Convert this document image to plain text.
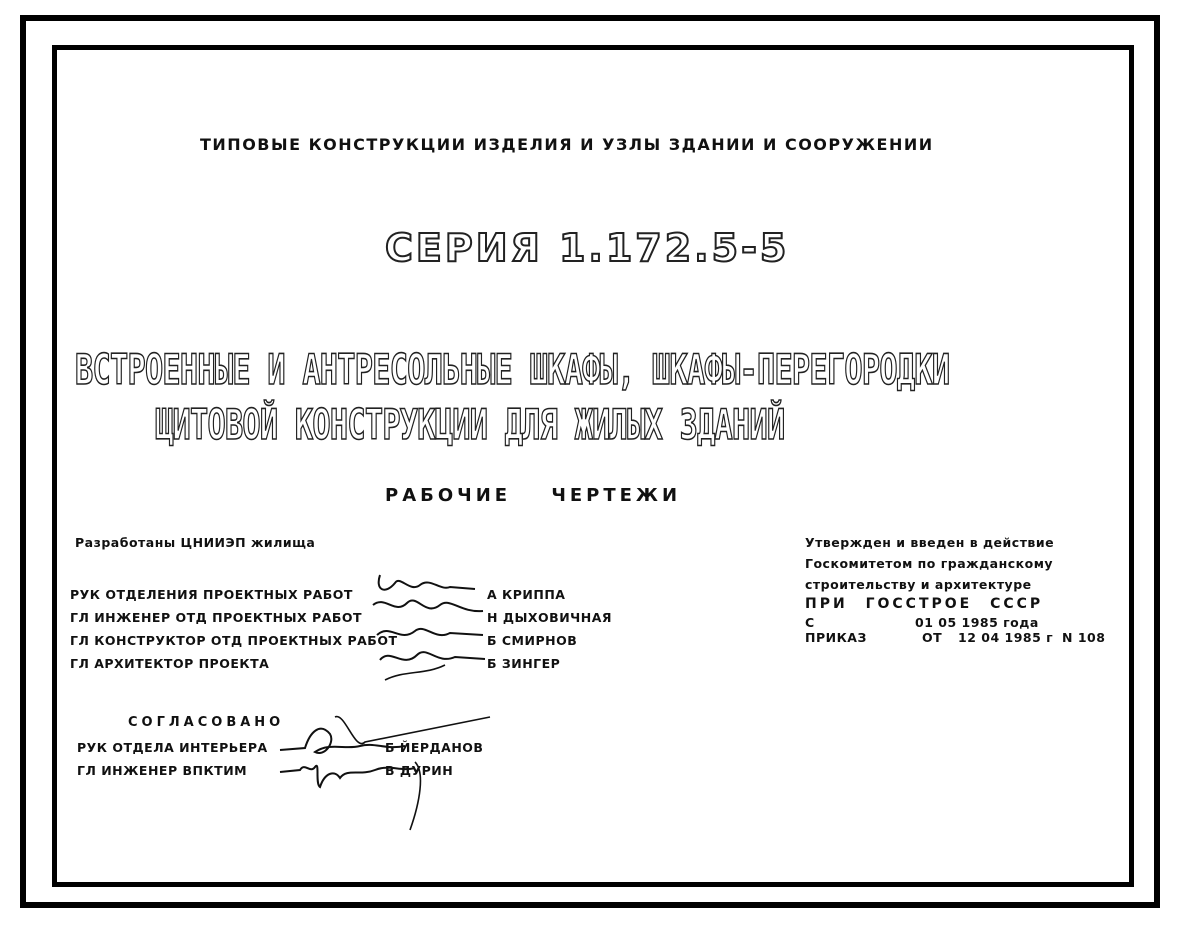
ТИПОВЫЕ КОНСТРУКЦИИ ИЗДЕЛИЯ И УЗЛЫ ЗДАНИИ И СООРУЖЕНИИ
СЕРИЯ 1.172.5-5
ВСТРОЕННЫЕ И АНТРЕСОЛЬНЫЕ ШКАФЫ, ШКАФЫ-ПЕРЕГОРОДКИ
ЩИТОВОЙ КОНСТРУКЦИИ ДЛЯ ЖИЛЫХ ЗДАНИЙ
РАБОЧИЕ ЧЕРТЕЖИ
Разработаны ЦНИИЭП жилища
РУК ОТДЕЛЕНИЯ ПРОЕКТНЫХ РАБОТ
ГЛ ИНЖЕНЕР ОТД ПРОЕКТНЫХ РАБОТ
ГЛ КОНСТРУКТОР ОТД ПРОЕКТНЫХ РАБОТ
ГЛ АРХИТЕКТОР ПРОЕКТА
А КРИППА
Н ДЫХОВИЧНАЯ
Б СМИРНОВ
Б ЗИНГЕР
Утвержден и введен в действие
Госкомитетом по гражданскому
строительству и архитектуре
ПРИ ГОССТРОЕ СССР
С	01 05 1985 года
ПРИКАЗ	ОТ 12 04 1985 г N 108
СОГЛАСОВАНО
РУК ОТДЕЛА ИНТЕРЬЕРА
ГЛ ИНЖЕНЕР ВПКТИМ
Б ЙЕРДАНОВ
В ДУРИН
